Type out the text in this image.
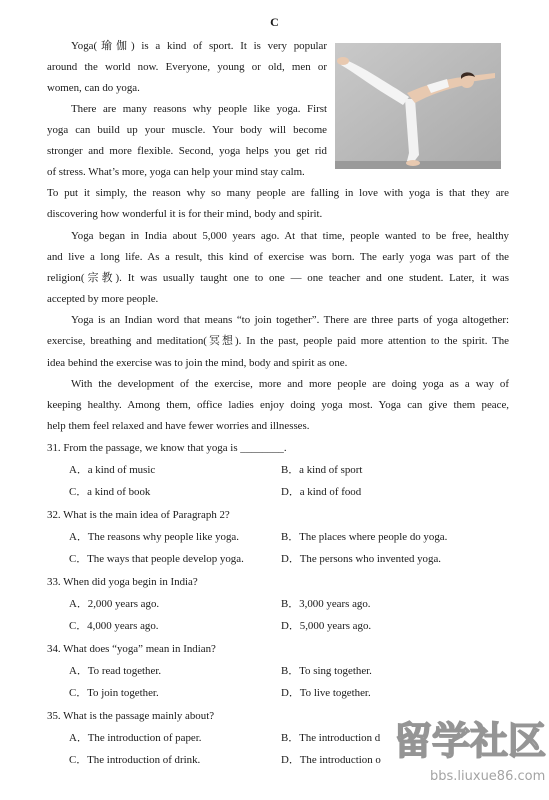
C
Yoga(瑜伽) is a kind of sport. It is very popular
around the world now. Everyone, young or old, men or
women, can do yoga.
There are many reasons why people like yoga. First
yoga can build up your muscle. Your body will become
stronger and more flexible. Second, yoga helps you get rid
of stress. What’s more, yoga can help your mind stay calm.
To put it simply, the reason why so many people are falling in love with yoga is that they are
discovering how wonderful it is for their mind, body and spirit.
Yoga began in India about 5,000 years ago. At that time, people wanted to be free, healthy
and live a long life. As a result, this kind of exercise was born. The early yoga was part of the
religion(宗教). It was usually taught one to one — one teacher and one student. Later, it was
accepted by more people.
Yoga is an Indian word that means “to join together”. There are three parts of yoga altogether:
exercise, breathing and meditation(冥想). In the past, people paid more attention to the spirit. The
idea behind the exercise was to join the mind, body and spirit as one.
With the development of the exercise, more and more people are doing yoga as a way of
keeping healthy. Among them, office ladies enjoy doing yoga most. Yoga can give them peace,
help them feel relaxed and have fewer worries and illnesses.
31. From the passage, we know that yoga is ________.
A．a kind of music	B．a kind of sport
C．a kind of book	D．a kind of food
32. What is the main idea of Paragraph 2?
A．The reasons why people like yoga.	B．The places where people do yoga.
C．The ways that people develop yoga.	D．The persons who invented yoga.
33. When did yoga begin in India?
A．2,000 years ago.	B．3,000 years ago.
C．4,000 years ago.	D．5,000 years ago.
34. What does “yoga” mean in Indian?
A．To read together.	B．To sing together.
C．To join together.	D．To live together.
35. What is the passage mainly about?
A．The introduction of paper.	B．The introduction d
C．The introduction of drink.	D．The introduction o 留学社区
bbs.liuxue86.com
